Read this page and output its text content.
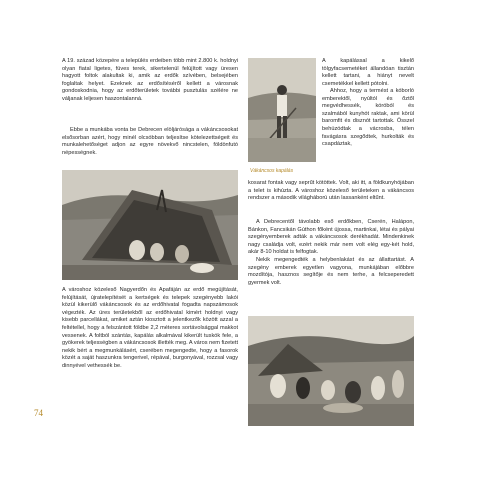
A 19. század közepére a település erdeiben több mint 2.800 k. holdnyi olyan fiatal ligetes, füves terek, sikertelenül felújított vagy üresen hagyott foltok alakultak ki, amik az erdők szívében, belsejében foglaltak helyet. Ezeknek az erdősítéséről kellett a városnak gondoskodnia, hogy az erdőterületek további pusztulás szélére ne váljanak leljesen haszontalanná.

Ebbe a munkába vonta be Debrecen elöljárósága a vákáncsosokat elsősorban azért, hogy minél olcsóbban teljesítse kötelezettségeit és munkalehetőséget adjon az egyre növekvő nincstelen, földönfutó népességnek.

A városhoz közeleső Nagyerdőn és Apafáján az erdő megújítását, felújítását, újratelepítését a kertségek és telepek szegényebb lakói közül kikerülő vákáncsosok és az erdőhivatal fogadta napszámosok végezték. Az üres területekből az erdőhivatal kimért holdnyi vagy kisebb parcellákat, amiket aztán kiosztott a jelentkezők között azzal a feltétellel, hogy a felszántott földbe 2,2 méteres sortávolsággal makkot vessenek. A foltból szántás, kapálás alkalmával kikerült tuskók fele, a gyökerek teljességben a vákáncsosok illették meg. A város nem fizetett nekik bért a megmunkálásért, cserében megengedte, hogy a fasorok közét a saját haszunkra tengerivel, répával, burgonyával, rozzsal vagy dinnyével vethessék be.

74
Vákáncsos kapálás

A kapálással a kikelő tölgyfacsemetéket állandóan tisztán kellett tartani, a hiányt nevelt csemetékkel kellett pótolni.

Ahhoz, hogy a termést a kóborló emberektől, nyúltól és őztől megvédhessék, kóróból és szalmából kunyhót raktak, ami körül baromfit és disznót tartottak. Ősszel behúzódtak a vácrosba, télen favágásra szegődtek, hurkolták és csapdáztak,

kosarat fontak vagy seprűt kötöttek. Volt, aki itt, a földkunyhójában a telet is kihúzta. A városhoz közeleső területeken a vákáncsos rendszer a második világháború után lassanként eltűnt.

A Debrecentől távolabb eső erdőkben, Cserén, Halápon, Bánkon, Fancsikán Gúthon főként újossa, martinkai, létai és pályai szegényemberek adták a vákáncsosok derékhadát. Mindenkinek nagy családja volt, ezért nekik már nem volt elég egy-két hold, akár 8-10 holdat is felfogtak.

Nekik megengedték a helybenlakást és az állattartást. A szegény emberek egyetlen vagyona, munkájában előbbre mozdítója, hasznos segítője és nem terhe, a felcseperedett gyermek volt.
